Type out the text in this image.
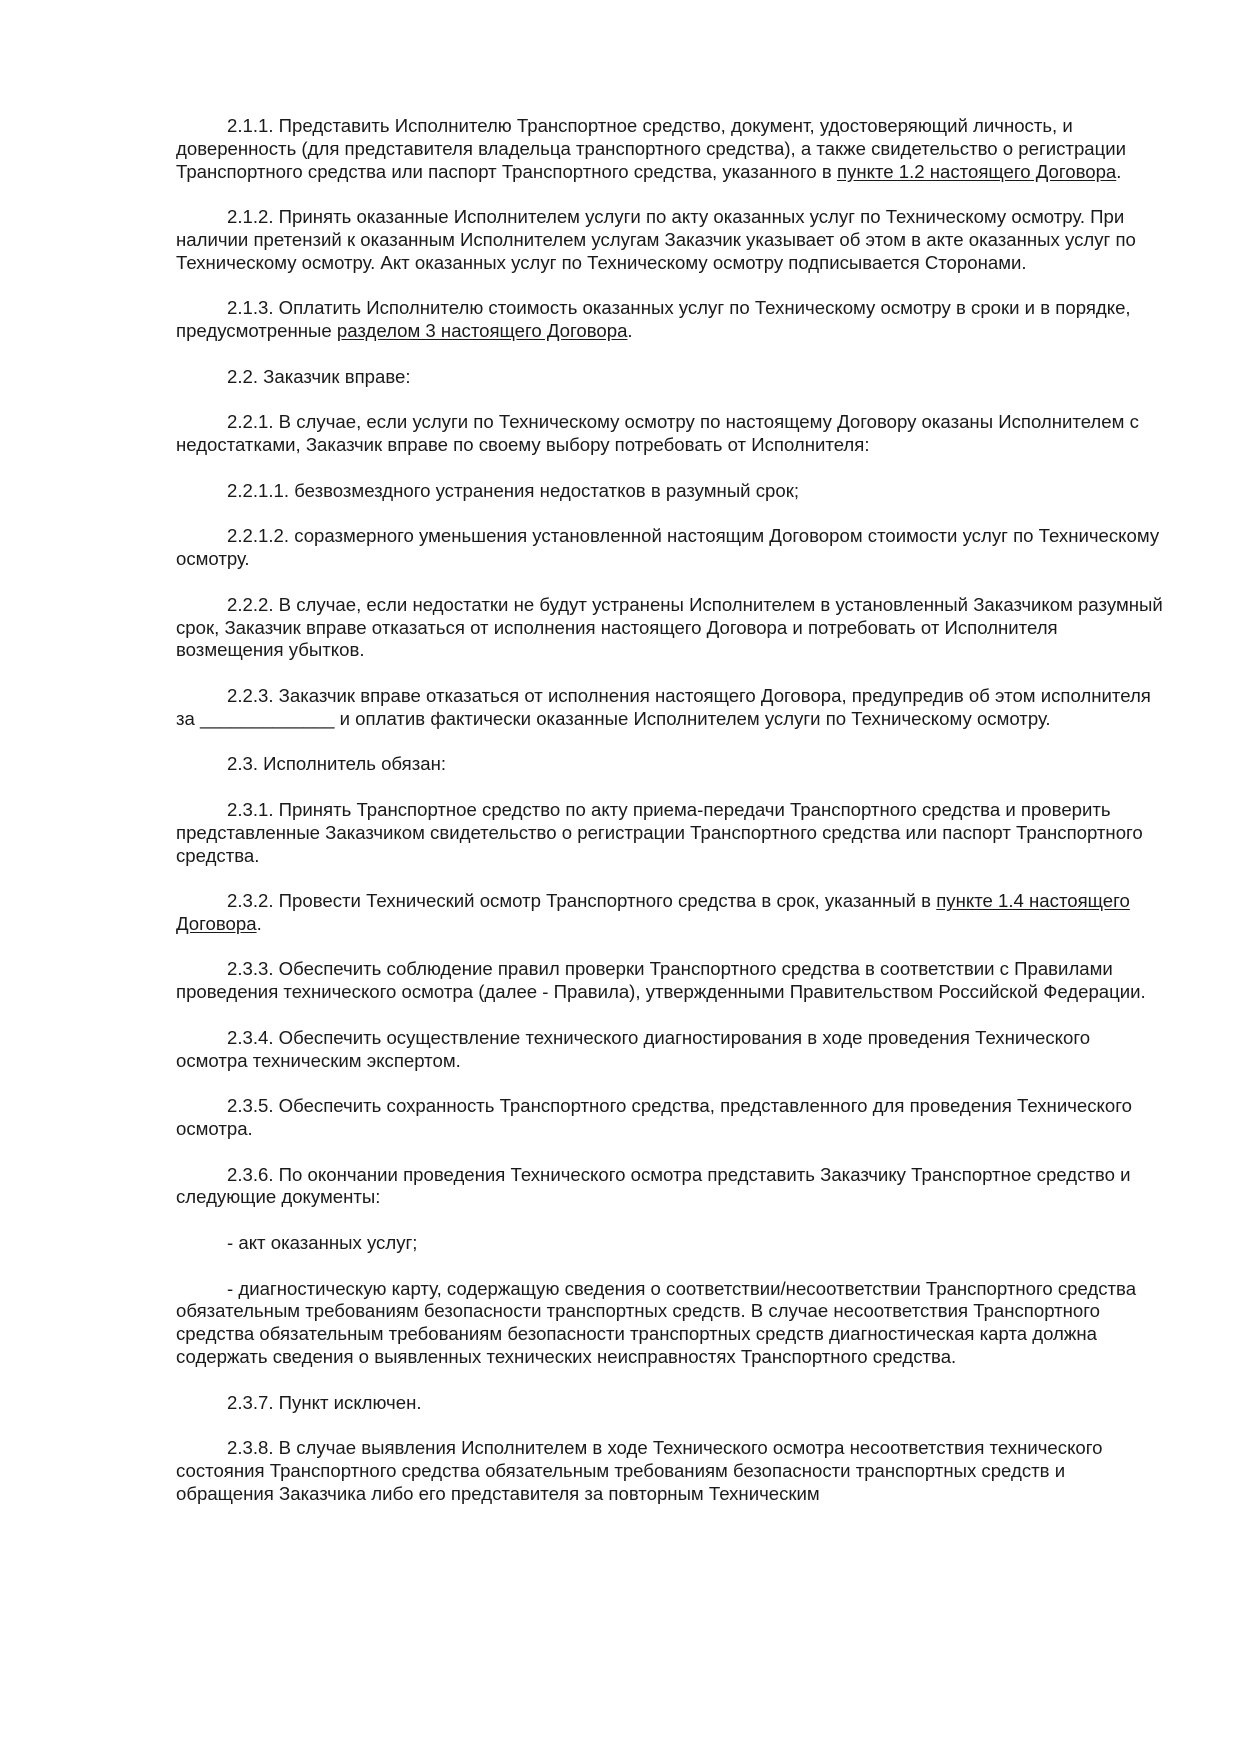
2.1.1. Представить Исполнителю Транспортное средство, документ, удостоверяющий личность, и доверенность (для представителя владельца транспортного средства), а также свидетельство о регистрации Транспортного средства или паспорт Транспортного средства, указанного в пункте 1.2 настоящего Договора.

2.1.2. Принять оказанные Исполнителем услуги по акту оказанных услуг по Техническому осмотру. При наличии претензий к оказанным Исполнителем услугам Заказчик указывает об этом в акте оказанных услуг по Техническому осмотру. Акт оказанных услуг по Техническому осмотру подписывается Сторонами.

2.1.3. Оплатить Исполнителю стоимость оказанных услуг по Техническому осмотру в сроки и в порядке, предусмотренные разделом 3 настоящего Договора.

2.2. Заказчик вправе:

2.2.1. В случае, если услуги по Техническому осмотру по настоящему Договору оказаны Исполнителем с недостатками, Заказчик вправе по своему выбору потребовать от Исполнителя:

2.2.1.1. безвозмездного устранения недостатков в разумный срок;

2.2.1.2. соразмерного уменьшения установленной настоящим Договором стоимости услуг по Техническому осмотру.

2.2.2. В случае, если недостатки не будут устранены Исполнителем в установленный Заказчиком разумный срок, Заказчик вправе отказаться от исполнения настоящего Договора и потребовать от Исполнителя возмещения убытков.

2.2.3. Заказчик вправе отказаться от исполнения настоящего Договора, предупредив об этом исполнителя за _____________ и оплатив фактически оказанные Исполнителем услуги по Техническому осмотру.

2.3. Исполнитель обязан:

2.3.1. Принять Транспортное средство по акту приема-передачи Транспортного средства и проверить представленные Заказчиком свидетельство о регистрации Транспортного средства или паспорт Транспортного средства.

2.3.2. Провести Технический осмотр Транспортного средства в срок, указанный в пункте 1.4 настоящего Договора.

2.3.3. Обеспечить соблюдение правил проверки Транспортного средства в соответствии с Правилами проведения технического осмотра (далее - Правила), утвержденными Правительством Российской Федерации.

2.3.4. Обеспечить осуществление технического диагностирования в ходе проведения Технического осмотра техническим экспертом.

2.3.5. Обеспечить сохранность Транспортного средства, представленного для проведения Технического осмотра.

2.3.6. По окончании проведения Технического осмотра представить Заказчику Транспортное средство и следующие документы:

- акт оказанных услуг;

- диагностическую карту, содержащую сведения о соответствии/несоответствии Транспортного средства обязательным требованиям безопасности транспортных средств. В случае несоответствия Транспортного средства обязательным требованиям безопасности транспортных средств диагностическая карта должна содержать сведения о выявленных технических неисправностях Транспортного средства.

2.3.7. Пункт исключен.

2.3.8. В случае выявления Исполнителем в ходе Технического осмотра несоответствия технического состояния Транспортного средства обязательным требованиям безопасности транспортных средств и обращения Заказчика либо его представителя за повторным Техническим
